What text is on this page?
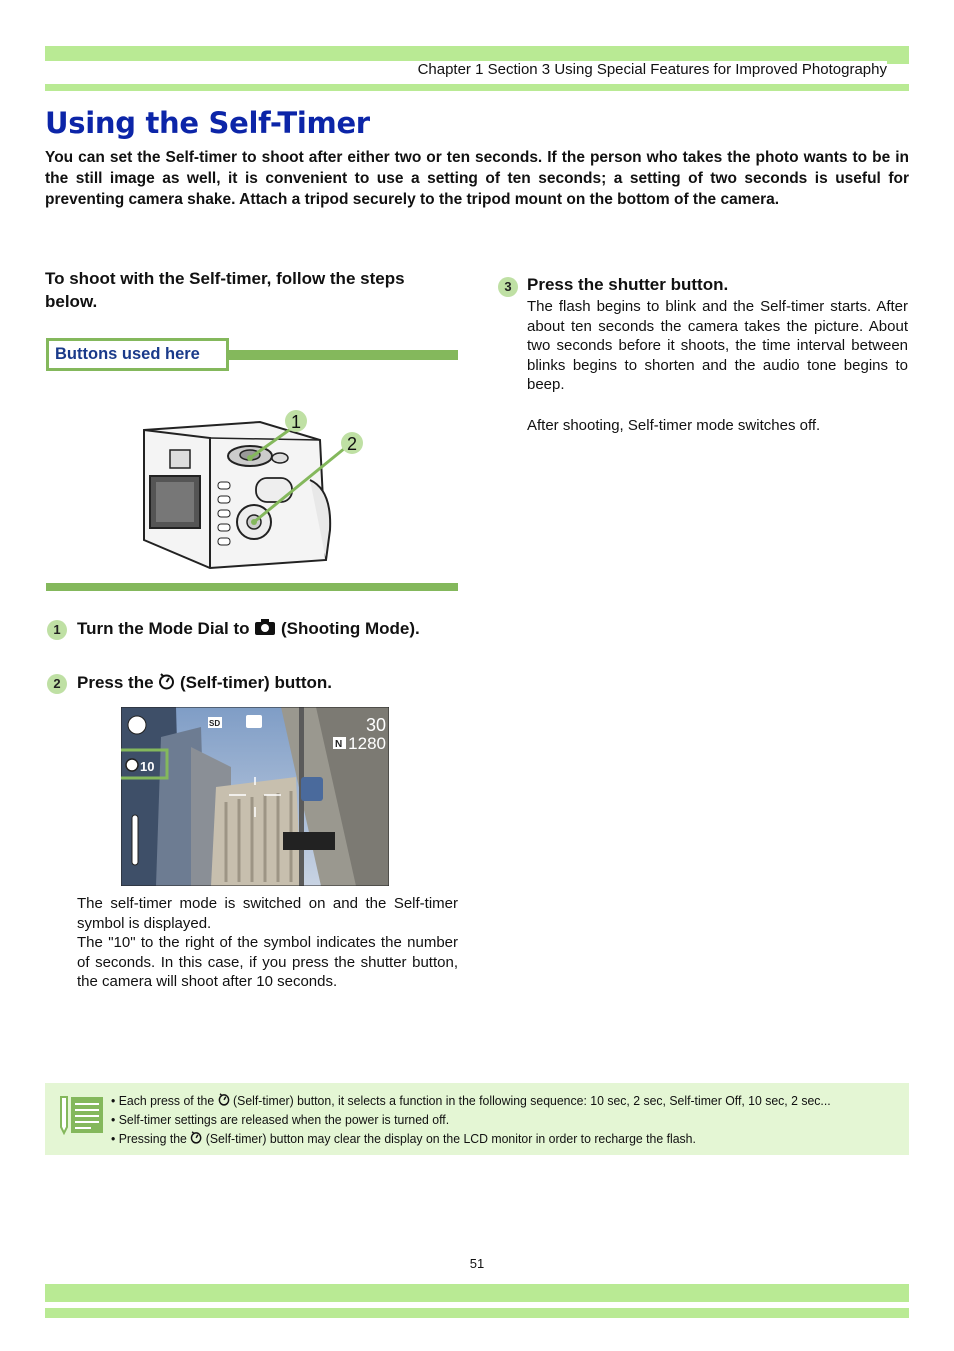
Chapter 1 Section 3 Using Special Features for Improved Photography
Using the Self-Timer

You can set the Self-timer to shoot after either two or ten seconds. If the person who takes the photo wants to be in the still image as well, it is convenient to use a setting of ten seconds; a setting of two seconds is useful for preventing camera shake. Attach a tripod securely to the tripod mount on the bottom of the camera.

To shoot with the Self-timer, follow the steps below.

Buttons used here
1
2
1 Turn the Mode Dial to  (Shooting Mode).
2 Press the  (Self-timer) button.
SD	30
N 1280
10

The self-timer mode is switched on and the Self-timer symbol is displayed.

The "10" to the right of the symbol indicates the number of seconds. In this case, if you press the shutter button, the camera will shoot after 10 seconds.

3 Press the shutter button.

The flash begins to blink and the Self-timer starts. After about ten seconds the camera takes the picture. About two seconds before it shoots, the time interval between blinks begins to shorten and the audio tone begins to beep.

After shooting, Self-timer mode switches off.

• Each press of the  (Self-timer) button, it selects a function in the following sequence: 10 sec, 2 sec, Self-timer Off, 10 sec, 2 sec...
• Self-timer settings are released when the power is turned off.
• Pressing the  (Self-timer) button may clear the display on the LCD monitor in order to recharge the flash.
51
